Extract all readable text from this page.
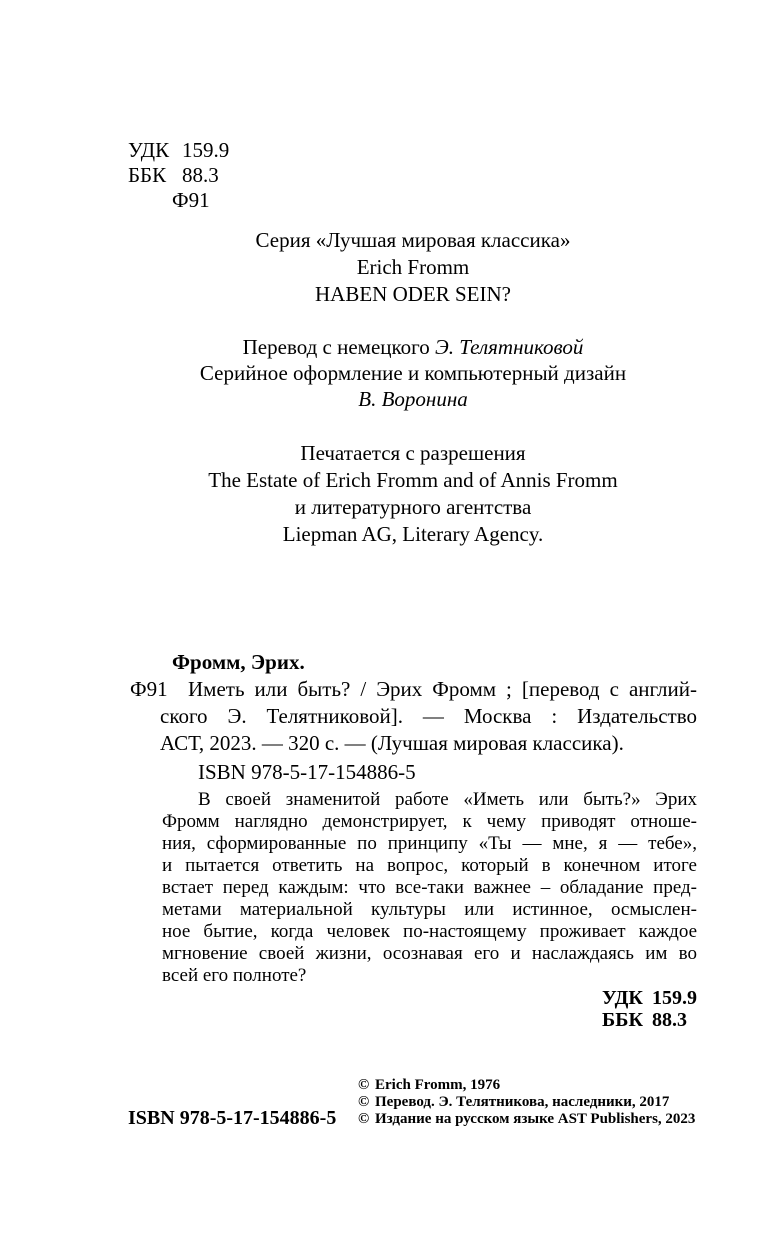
УДК 159.9
ББК 88.3
Ф91
Серия «Лучшая мировая классика»
Erich Fromm
HABEN ODER SEIN?
Перевод с немецкого Э. Телятниковой
Серийное оформление и компьютерный дизайн
В. Воронина
Печатается с разрешения
The Estate of Erich Fromm and of Annis Fromm
и литературного агентства
Liepman AG, Literary Agency.
Фромм, Эрих.
Ф91 Иметь или быть? / Эрих Фромм ; [перевод с англий-
ского Э. Телятниковой]. — Москва : Издательство
АСТ, 2023. — 320 с. — (Лучшая мировая классика).
ISBN 978-5-17-154886-5
В своей знаменитой работе «Иметь или быть?» Эрих
Фромм наглядно демонстрирует, к чему приводят отноше-
ния, сформированные по принципу «Ты — мне, я — тебе»,
и пытается ответить на вопрос, который в конечном итоге
встает перед каждым: что все-таки важнее – обладание пред-
метами материальной культуры или истинное, осмыслен-
ное бытие, когда человек по-настоящему проживает каждое
мгновение своей жизни, осознавая его и наслаждаясь им во
всей его полноте?
УДК 159.9
ББК 88.3
ISBN 978-5-17-154886-5
© Erich Fromm, 1976
© Перевод. Э. Телятникова, наследники, 2017
© Издание на русском языке AST Publishers, 2023
